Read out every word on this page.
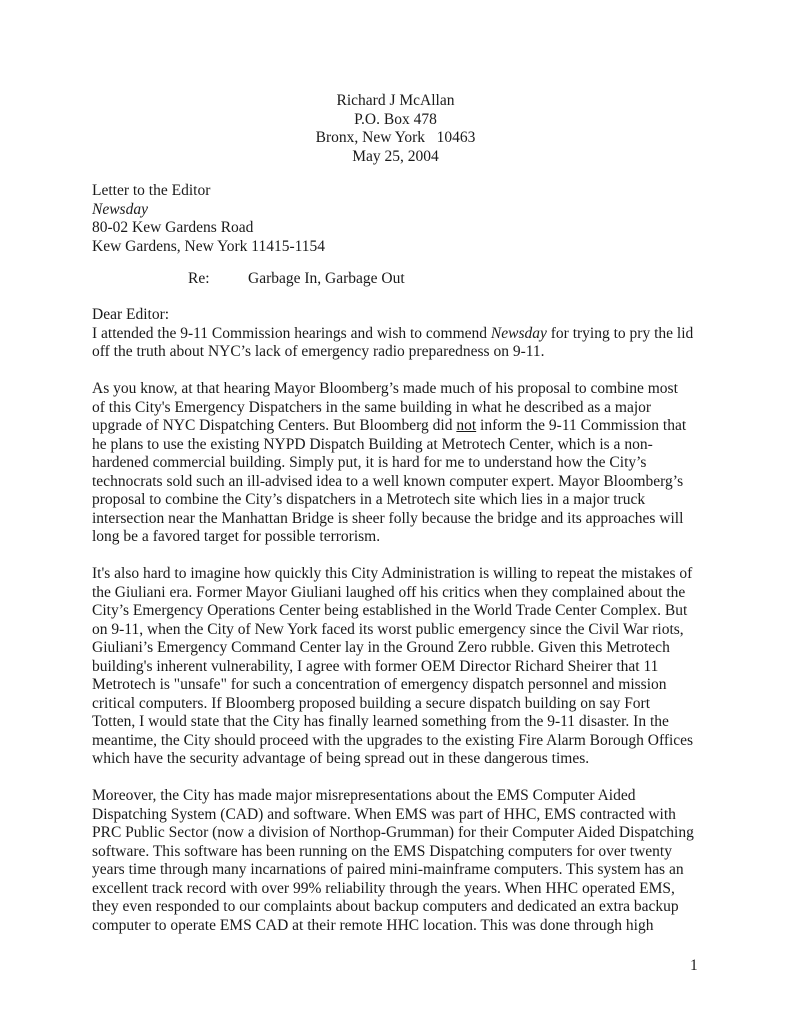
Richard J McAllan
P.O. Box 478
Bronx, New York   10463
May 25, 2004
Letter to the Editor
Newsday
80-02 Kew Gardens Road
Kew Gardens, New York 11415-1154
Re: Garbage In, Garbage Out
Dear Editor:

I attended the 9-11 Commission hearings and wish to commend Newsday for trying to pry the lid
off the truth about NYC’s lack of emergency radio preparedness on 9-11.

As you know, at that hearing Mayor Bloomberg’s made much of his proposal to combine most
of this City's Emergency Dispatchers in the same building in what he described as a major
upgrade of NYC Dispatching Centers. But Bloomberg did not inform the 9-11 Commission that
he plans to use the existing NYPD Dispatch Building at Metrotech Center, which is a non-
hardened commercial building. Simply put, it is hard for me to understand how the City’s
technocrats sold such an ill-advised idea to a well known computer expert. Mayor Bloomberg’s
proposal to combine the City’s dispatchers in a Metrotech site which lies in a major truck
intersection near the Manhattan Bridge is sheer folly because the bridge and its approaches will
long be a favored target for possible terrorism.

It's also hard to imagine how quickly this City Administration is willing to repeat the mistakes of
the Giuliani era. Former Mayor Giuliani laughed off his critics when they complained about the
City’s Emergency Operations Center being established in the World Trade Center Complex. But
on 9-11, when the City of New York faced its worst public emergency since the Civil War riots,
Giuliani’s Emergency Command Center lay in the Ground Zero rubble. Given this Metrotech
building's inherent vulnerability, I agree with former OEM Director Richard Sheirer that 11
Metrotech is "unsafe" for such a concentration of emergency dispatch personnel and mission
critical computers. If Bloomberg proposed building a secure dispatch building on say Fort
Totten, I would state that the City has finally learned something from the 9-11 disaster. In the
meantime, the City should proceed with the upgrades to the existing Fire Alarm Borough Offices
which have the security advantage of being spread out in these dangerous times.

Moreover, the City has made major misrepresentations about the EMS Computer Aided
Dispatching System (CAD) and software. When EMS was part of HHC, EMS contracted with
PRC Public Sector (now a division of Northop-Grumman) for their Computer Aided Dispatching
software. This software has been running on the EMS Dispatching computers for over twenty
years time through many incarnations of paired mini-mainframe computers. This system has an
excellent track record with over 99% reliability through the years. When HHC operated EMS,
they even responded to our complaints about backup computers and dedicated an extra backup
computer to operate EMS CAD at their remote HHC location. This was done through high

1
